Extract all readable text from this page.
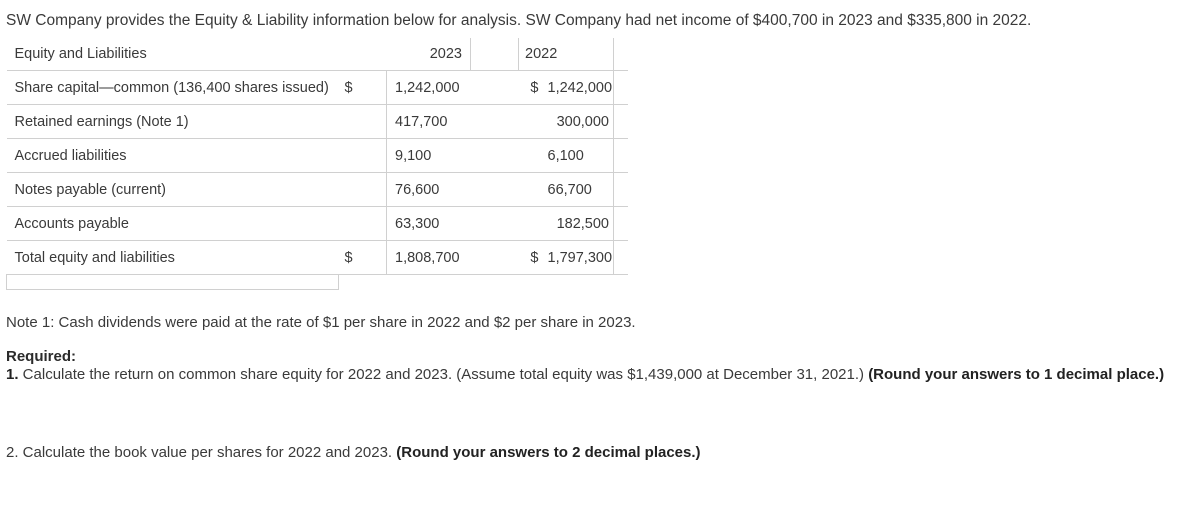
SW Company provides the Equity & Liability information below for analysis. SW Company had net income of $400,700 in 2023 and $335,800 in 2022.
Equity and Liabilities	2023			2022		
Share capital—common (136,400 shares issued)	$	1,242,000		$	1,242,000	
Retained earnings (Note 1)		417,700			300,000	
Accrued liabilities		9,100			6,100	
Notes payable (current)		76,600			66,700	
Accounts payable		63,300			182,500	
Total equity and liabilities	$	1,808,700		$	1,797,300	

Note 1: Cash dividends were paid at the rate of $1 per share in 2022 and $2 per share in 2023.
Required:
1. Calculate the return on common share equity for 2022 and 2023. (Assume total equity was $1,439,000 at December 31, 2021.) (Round your answers to 1 decimal place.)
2. Calculate the book value per shares for 2022 and 2023. (Round your answers to 2 decimal places.)
